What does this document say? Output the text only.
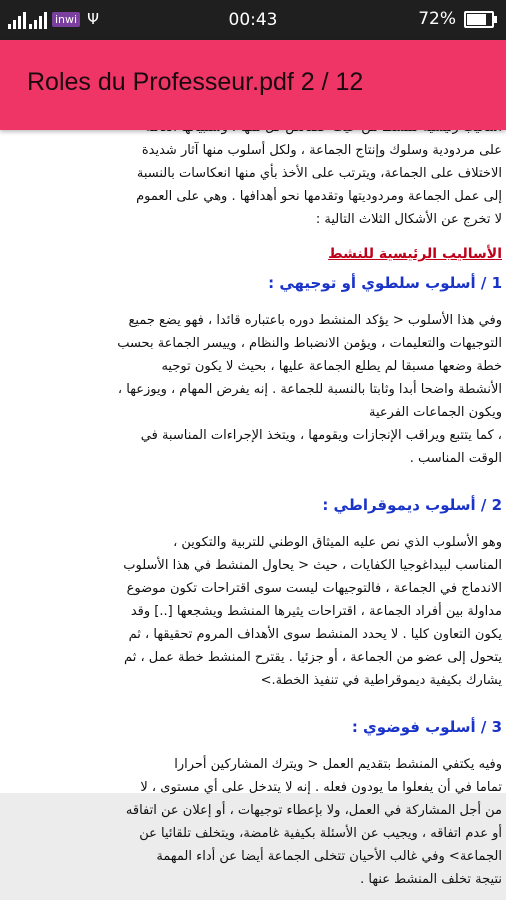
inwi Ψ	00:43	72%
Roles du Professeur.pdf 2 / 12

على مردودية وسلوك وإنتاج الجماعة ، ولكل أسلوب منها آثار شديدة

الاختلاف على الجماعة، ويترتب على الأخذ بأي منها انعكاسات بالنسبة

إلى عمل الجماعة ومردوديتها وتقدمها نحو أهدافها . وهي على العموم

لا تخرج عن الأشكال الثلاث التالية :

الأساليب الرئيسية للنشط

1 / أسلوب سلطوي أو توجيهي :

وفي هذا الأسلوب < يؤكد المنشط دوره باعتباره قائدا ، فهو يضع جميع

التوجيهات والتعليمات ، ويؤمن الانضباط والنظام ، وييسر الجماعة بحسب

خطة وضعها مسبقا لم يطلع الجماعة عليها ، بحيث لا يكون توجيه

الأنشطة واضحا أبدا وثابتا بالنسبة للجماعة . إنه يفرض المهام ، ويوزعها ،

ويكون الجماعات الفرعية

، كما يتتبع ويراقب الإنجازات ويقومها ، ويتخذ الإجراءات المناسبة في

الوقت المناسب .

2 / أسلوب ديموقراطي :

وهو الأسلوب الذي نص عليه الميثاق الوطني للتربية والتكوين ،

المناسب لبيداغوجيا الكفايات ، حيث < يحاول المنشط في هذا الأسلوب

الاندماج في الجماعة ، فالتوجيهات ليست سوى اقتراحات تكون موضوع

مداولة بين أفراد الجماعة ، اقتراحات يثيرها المنشط ويشجعها [..] وقد

يكون التعاون كليا . لا يحدد المنشط سوى الأهداف المروم تحقيقها ، ثم

يتحول إلى عضو من الجماعة ، أو جزئيا . يقترح المنشط خطة عمل ، ثم

يشارك بكيفية ديموقراطية في تنفيذ الخطة.>

3 / أسلوب فوضوي :

وفيه يكتفي المنشط بتقديم العمل < ويترك المشاركين أحرارا

تماما في أن يفعلوا ما يودون فعله . إنه لا يتدخل على أي مستوى ، لا

من أجل المشاركة في العمل، ولا بإعطاء توجيهات ، أو إعلان عن اتفاقه

أو عدم اتفاقه ، ويجيب عن الأسئلة بكيفية غامضة، ويتخلف تلقائيا عن

الجماعة> وفي غالب الأحيان تتخلى الجماعة أيضا عن أداء المهمة

نتيجة تخلف المنشط عنها .
